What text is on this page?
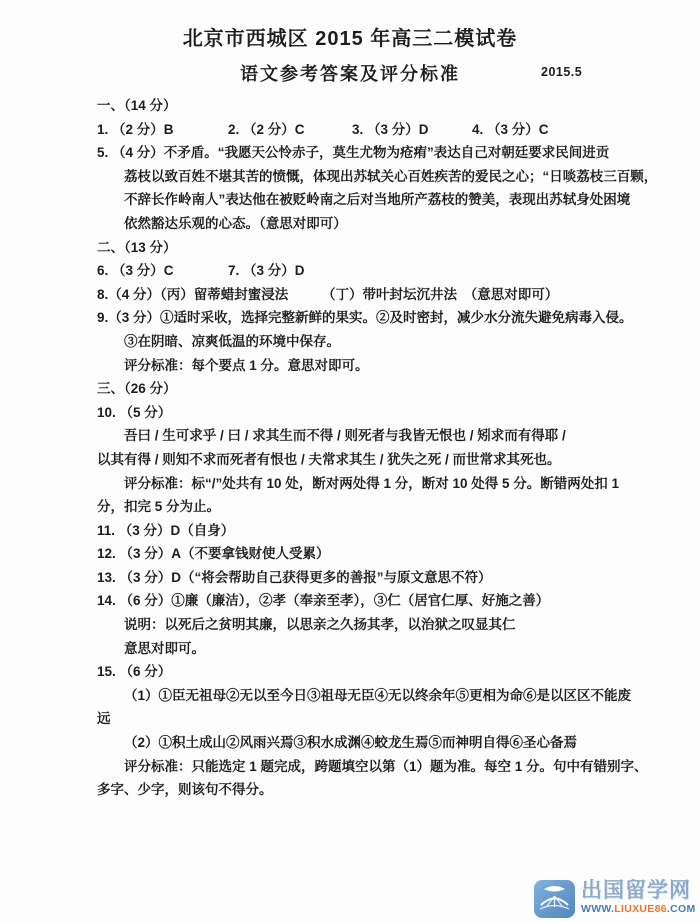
北京市西城区 2015 年高三二模试卷
语文参考答案及评分标准	2015.5
一、（14 分）
1. （2 分）B	2. （2 分）C	3. （3 分）D	4. （3 分）C
5. （4 分）不矛盾。“我愿天公怜赤子，莫生尤物为疮痏”表达自己对朝廷要求民间进贡
荔枝以致百姓不堪其苦的愤慨，体现出苏轼关心百姓疾苦的爱民之心；“日啖荔枝三百颗，
不辞长作岭南人”表达他在被贬岭南之后对当地所产荔枝的赞美，表现出苏轼身处困境
依然豁达乐观的心态。（意思对即可）
二、（13 分）
6. （3 分）C	7. （3 分）D
8.（4 分）（丙）留蒂蜡封蜜浸法　　　（丁）带叶封坛沉井法　（意思对即可）
9.（3 分）①适时采收，选择完整新鲜的果实。②及时密封，减少水分流失避免病毒入侵。
③在阴暗、凉爽低温的环境中保存。
评分标准：每个要点 1 分。意思对即可。
三、（26 分）
10. （5 分）
吾曰 / 生可求乎 / 曰 / 求其生而不得 / 则死者与我皆无恨也 / 矧求而有得耶 /
以其有得 / 则知不求而死者有恨也 / 夫常求其生 / 犹失之死 / 而世常求其死也。
评分标准：标“/”处共有 10 处，断对两处得 1 分，断对 10 处得 5 分。断错两处扣 1
分，扣完 5 分为止。
11. （3 分）D（自身）
12. （3 分）A（不要拿钱财使人受累）
13. （3 分）D（“将会帮助自己获得更多的善报”与原文意思不符）
14. （6 分）①廉（廉洁），②孝（奉亲至孝），③仁（居官仁厚、好施之善）
说明：以死后之贫明其廉，以思亲之久扬其孝，以治狱之叹显其仁
意思对即可。
15. （6 分）
（1）①臣无祖母②无以至今日③祖母无臣④无以终余年⑤更相为命⑥是以区区不能废
远
（2）①积土成山②风雨兴焉③积水成渊④蛟龙生焉⑤而神明自得⑥圣心备焉
评分标准：只能选定 1 题完成，跨题填空以第（1）题为准。每空 1 分。句中有错别字、
多字、少字，则该句不得分。
出国留学网
WWW.LIUXUE86.COM
